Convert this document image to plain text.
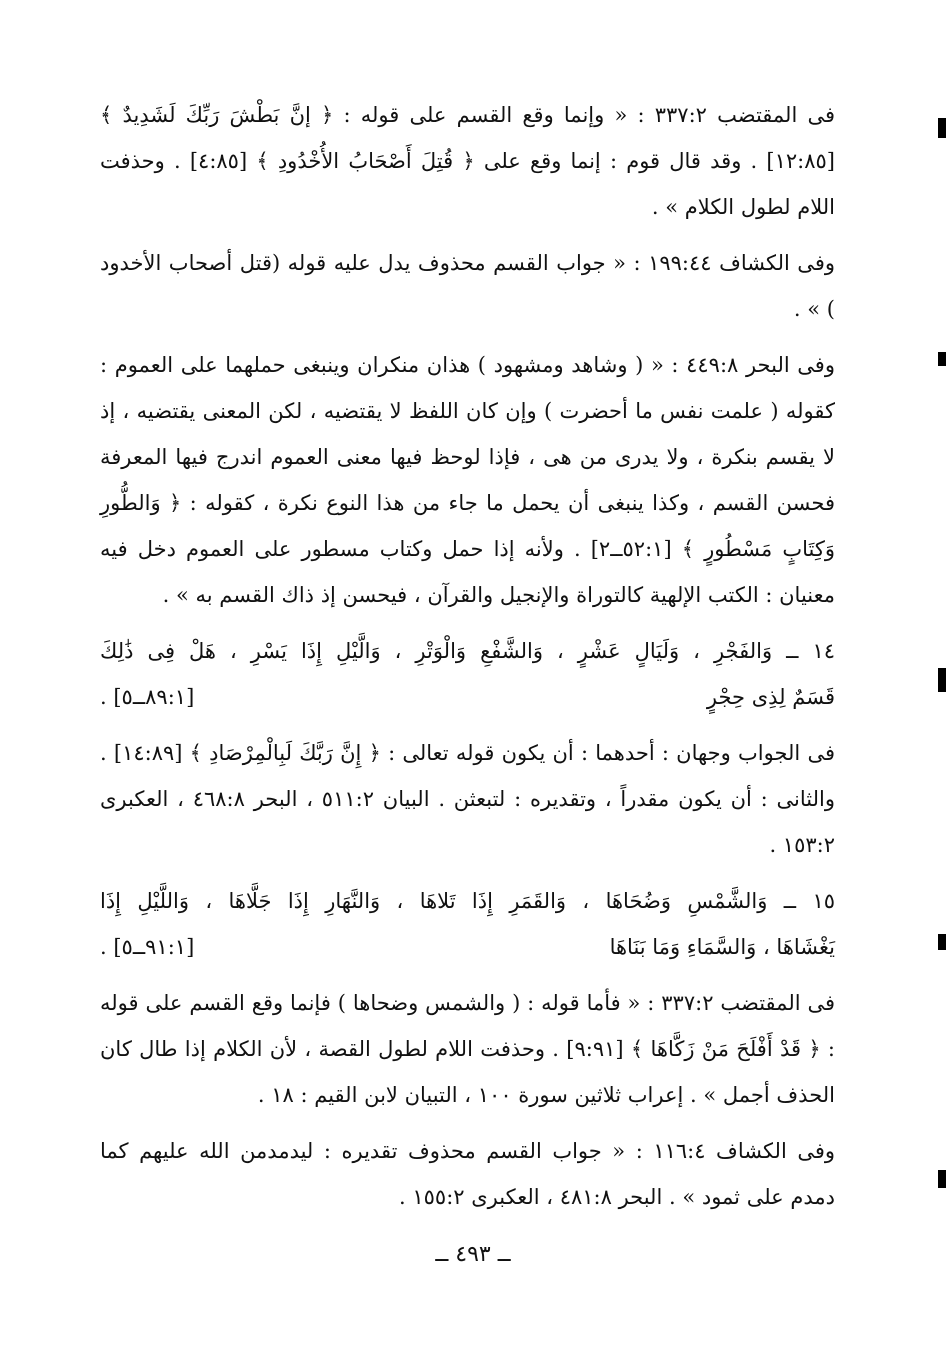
فى المقتضب ٣٣٧:٢ : « وإنما وقع القسم على قوله : ﴿ إنَّ بَطْشَ رَبِّكَ لَشَدِيدٌ ﴾ [١٢:٨٥] . وقد قال قوم : إنما وقع على ﴿ قُتِلَ أَصْحَابُ الأُخْدُودِ ﴾ [٤:٨٥] . وحذفت اللام لطول الكلام » .

وفى الكشاف ١٩٩:٤٤ : « جواب القسم محذوف يدل عليه قوله (قتل أصحاب الأخدود ) » .

وفى البحر ٤٤٩:٨ : « ( وشاهد ومشهود ) هذان منكران وينبغى حملهما على العموم : كقوله ( علمت نفس ما أحضرت ) وإن كان اللفظ لا يقتضيه ، لكن المعنى يقتضيه ، إذ لا يقسم بنكرة ، ولا يدرى من هى ، فإذا لوحظ فيها معنى العموم اندرج فيها المعرفة فحسن القسم ، وكذا ينبغى أن يحمل ما جاء من هذا النوع نكرة ، كقوله : ﴿ وَالطُّورِ وَكِتَابٍ مَسْطُورٍ ﴾ [٥٢:١ــ٢] . ولأنه إذا حمل وكتاب مسطور على العموم دخل فيه معنيان : الكتب الإلهية كالتوراة والإنجيل والقرآن ، فيحسن إذ ذاك القسم به » .

١٤ ــ وَالفَجْرِ ، وَلَيَالٍ عَشْرٍ ، وَالشَّفْعِ وَالْوَتْرِ ، وَالَّيْلِ إِذَا يَسْرِ ، هَلْ فِى ذَٰلِكَ

قَسَمٌ لِذِى حِجْرٍ
[٨٩:١ــ٥] .

فى الجواب وجهان : أحدهما : أن يكون قوله تعالى : ﴿ إِنَّ رَبَّكَ لَبِالْمِرْصَادِ ﴾ [١٤:٨٩] . والثانى : أن يكون مقدراً ، وتقديره : لتبعثن . البيان ٥١١:٢ ، البحر ٤٦٨:٨ ، العكبرى ١٥٣:٢ .

١٥ ــ وَالشَّمْسِ وَضُحَاهَا ، وَالقَمَرِ إِذَا تَلاهَا ، وَالنَّهَارِ إِذَا جَلَّاهَا ، وَاللَّيْلِ إِذَا

يَغْشَاهَا ، وَالسَّمَاءِ وَمَا بَنَاهَا
[٩١:١ــ٥] .

فى المقتضب ٣٣٧:٢ : « فأما قوله : ( والشمس وضحاها ) فإنما وقع القسم على قوله : ﴿ قَدْ أَفْلَحَ مَنْ زَكَّاهَا ﴾ [٩:٩١] . وحذفت اللام لطول القصة ، لأن الكلام إذا طال كان الحذف أجمل » . إعراب ثلاثين سورة ١٠٠ ، التبيان لابن القيم : ١٨ .

وفى الكشاف ١١٦:٤ : « جواب القسم محذوف تقديره : ليدمدمن الله عليهم كما دمدم على ثمود » . البحر ٤٨١:٨ ، العكبرى ١٥٥:٢ .

ــ ٤٩٣ ــ
